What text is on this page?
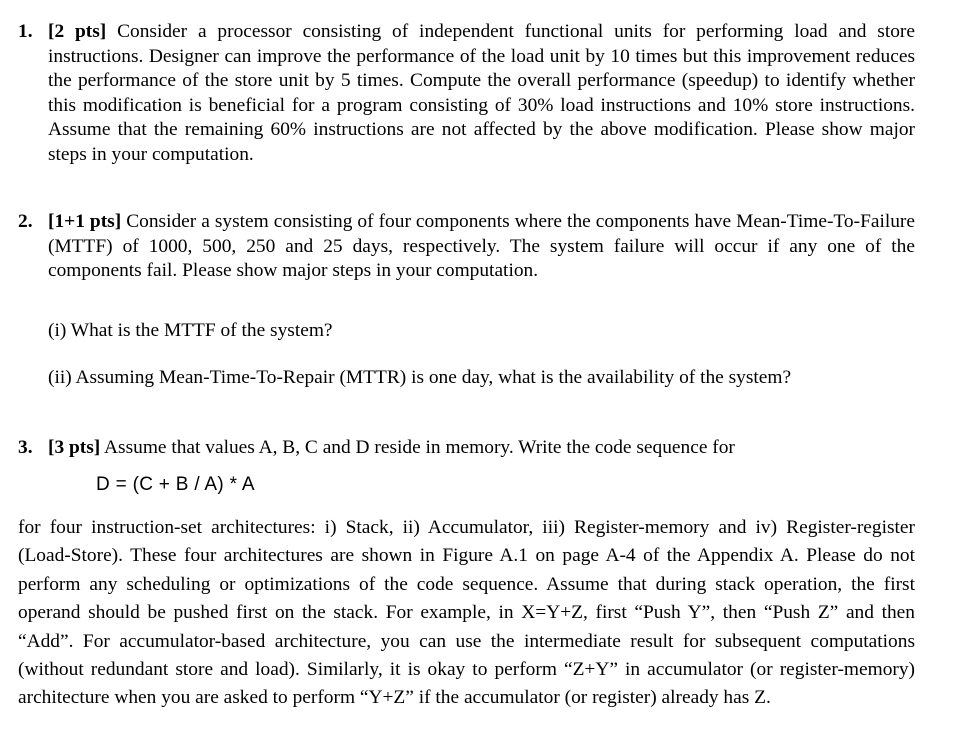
1. [2 pts] Consider a processor consisting of independent functional units for performing load and store instructions. Designer can improve the performance of the load unit by 10 times but this improvement reduces the performance of the store unit by 5 times. Compute the overall performance (speedup) to identify whether this modification is beneficial for a program consisting of 30% load instructions and 10% store instructions. Assume that the remaining 60% instructions are not affected by the above modification. Please show major steps in your computation.
2. [1+1 pts] Consider a system consisting of four components where the components have Mean-Time-To-Failure (MTTF) of 1000, 500, 250 and 25 days, respectively. The system failure will occur if any one of the components fail. Please show major steps in your computation.
(i) What is the MTTF of the system?
(ii) Assuming Mean-Time-To-Repair (MTTR) is one day, what is the availability of the system?
3. [3 pts] Assume that values A, B, C and D reside in memory. Write the code sequence for
D = (C + B / A) * A
for four instruction-set architectures: i) Stack, ii) Accumulator, iii) Register-memory and iv) Register-register (Load-Store). These four architectures are shown in Figure A.1 on page A-4 of the Appendix A. Please do not perform any scheduling or optimizations of the code sequence. Assume that during stack operation, the first operand should be pushed first on the stack. For example, in X=Y+Z, first “Push Y”, then “Push Z” and then “Add”. For accumulator-based architecture, you can use the intermediate result for subsequent computations (without redundant store and load). Similarly, it is okay to perform “Z+Y” in accumulator (or register-memory) architecture when you are asked to perform “Y+Z” if the accumulator (or register) already has Z.
